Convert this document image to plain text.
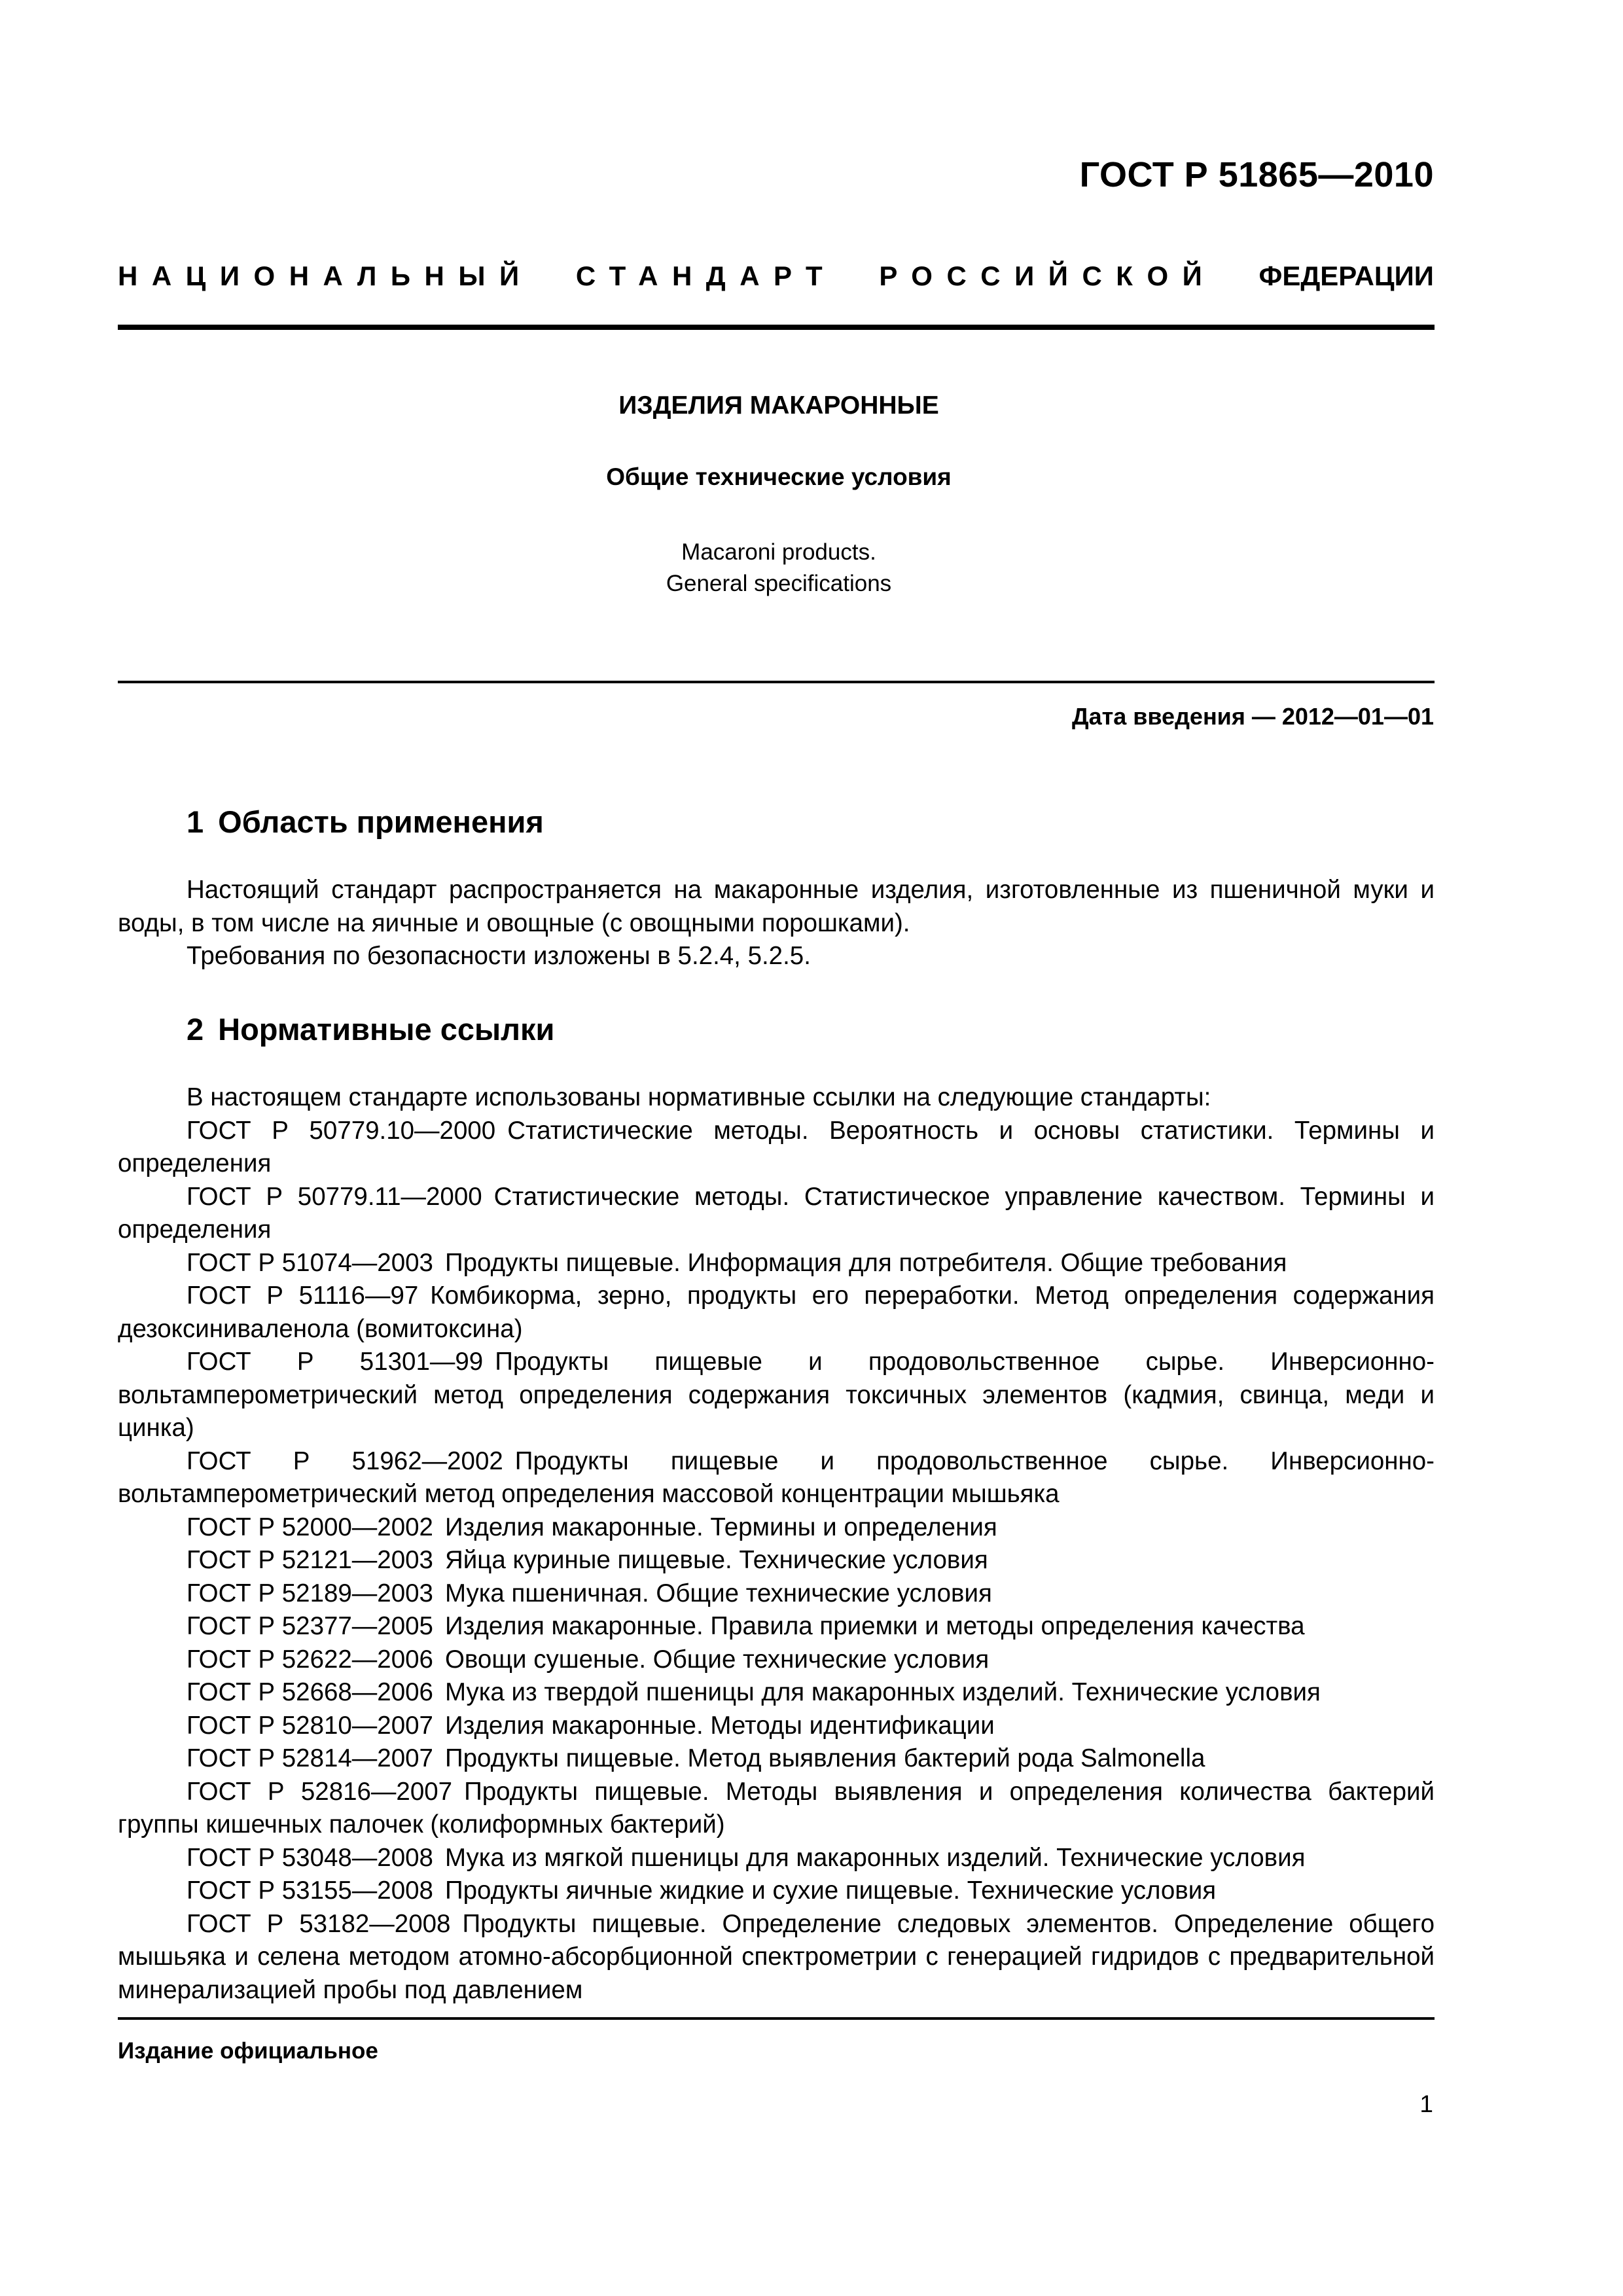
ГОСТ Р 51865—2010
НАЦИОНАЛЬНЫЙ СТАНДАРТ РОССИЙСКОЙ ФЕДЕРАЦИИ
ИЗДЕЛИЯ МАКАРОННЫЕ
Общие технические условия
Macaroni products.
General specifications
Дата введения — 2012—01—01
1 Область применения

Настоящий стандарт распространяется на макаронные изделия, изготовленные из пшеничной муки и воды, в том числе на яичные и овощные (с овощными порошками).

Требования по безопасности изложены в 5.2.4, 5.2.5.

2 Нормативные ссылки

В настоящем стандарте использованы нормативные ссылки на следующие стандарты:

ГОСТ Р 50779.10—2000 Статистические методы. Вероятность и основы статистики. Термины и определения

ГОСТ Р 50779.11—2000 Статистические методы. Статистическое управление качеством. Термины и определения

ГОСТ Р 51074—2003 Продукты пищевые. Информация для потребителя. Общие требования

ГОСТ Р 51116—97 Комбикорма, зерно, продукты его переработки. Метод определения содержания дезоксиниваленола (вомитоксина)

ГОСТ Р 51301—99 Продукты пищевые и продовольственное сырье. Инверсионно-вольтамперометрический метод определения содержания токсичных элементов (кадмия, свинца, меди и цинка)

ГОСТ Р 51962—2002 Продукты пищевые и продовольственное сырье. Инверсионно-вольтамперометрический метод определения массовой концентрации мышьяка

ГОСТ Р 52000—2002 Изделия макаронные. Термины и определения

ГОСТ Р 52121—2003 Яйца куриные пищевые. Технические условия

ГОСТ Р 52189—2003 Мука пшеничная. Общие технические условия

ГОСТ Р 52377—2005 Изделия макаронные. Правила приемки и методы определения качества

ГОСТ Р 52622—2006 Овощи сушеные. Общие технические условия

ГОСТ Р 52668—2006 Мука из твердой пшеницы для макаронных изделий. Технические условия

ГОСТ Р 52810—2007 Изделия макаронные. Методы идентификации

ГОСТ Р 52814—2007 Продукты пищевые. Метод выявления бактерий рода Salmonella

ГОСТ Р 52816—2007 Продукты пищевые. Методы выявления и определения количества бактерий группы кишечных палочек (колиформных бактерий)

ГОСТ Р 53048—2008 Мука из мягкой пшеницы для макаронных изделий. Технические условия

ГОСТ Р 53155—2008 Продукты яичные жидкие и сухие пищевые. Технические условия

ГОСТ Р 53182—2008 Продукты пищевые. Определение следовых элементов. Определение общего мышьяка и селена методом атомно-абсорбционной спектрометрии с генерацией гидридов с предварительной минерализацией пробы под давлением

Издание официальное
1
